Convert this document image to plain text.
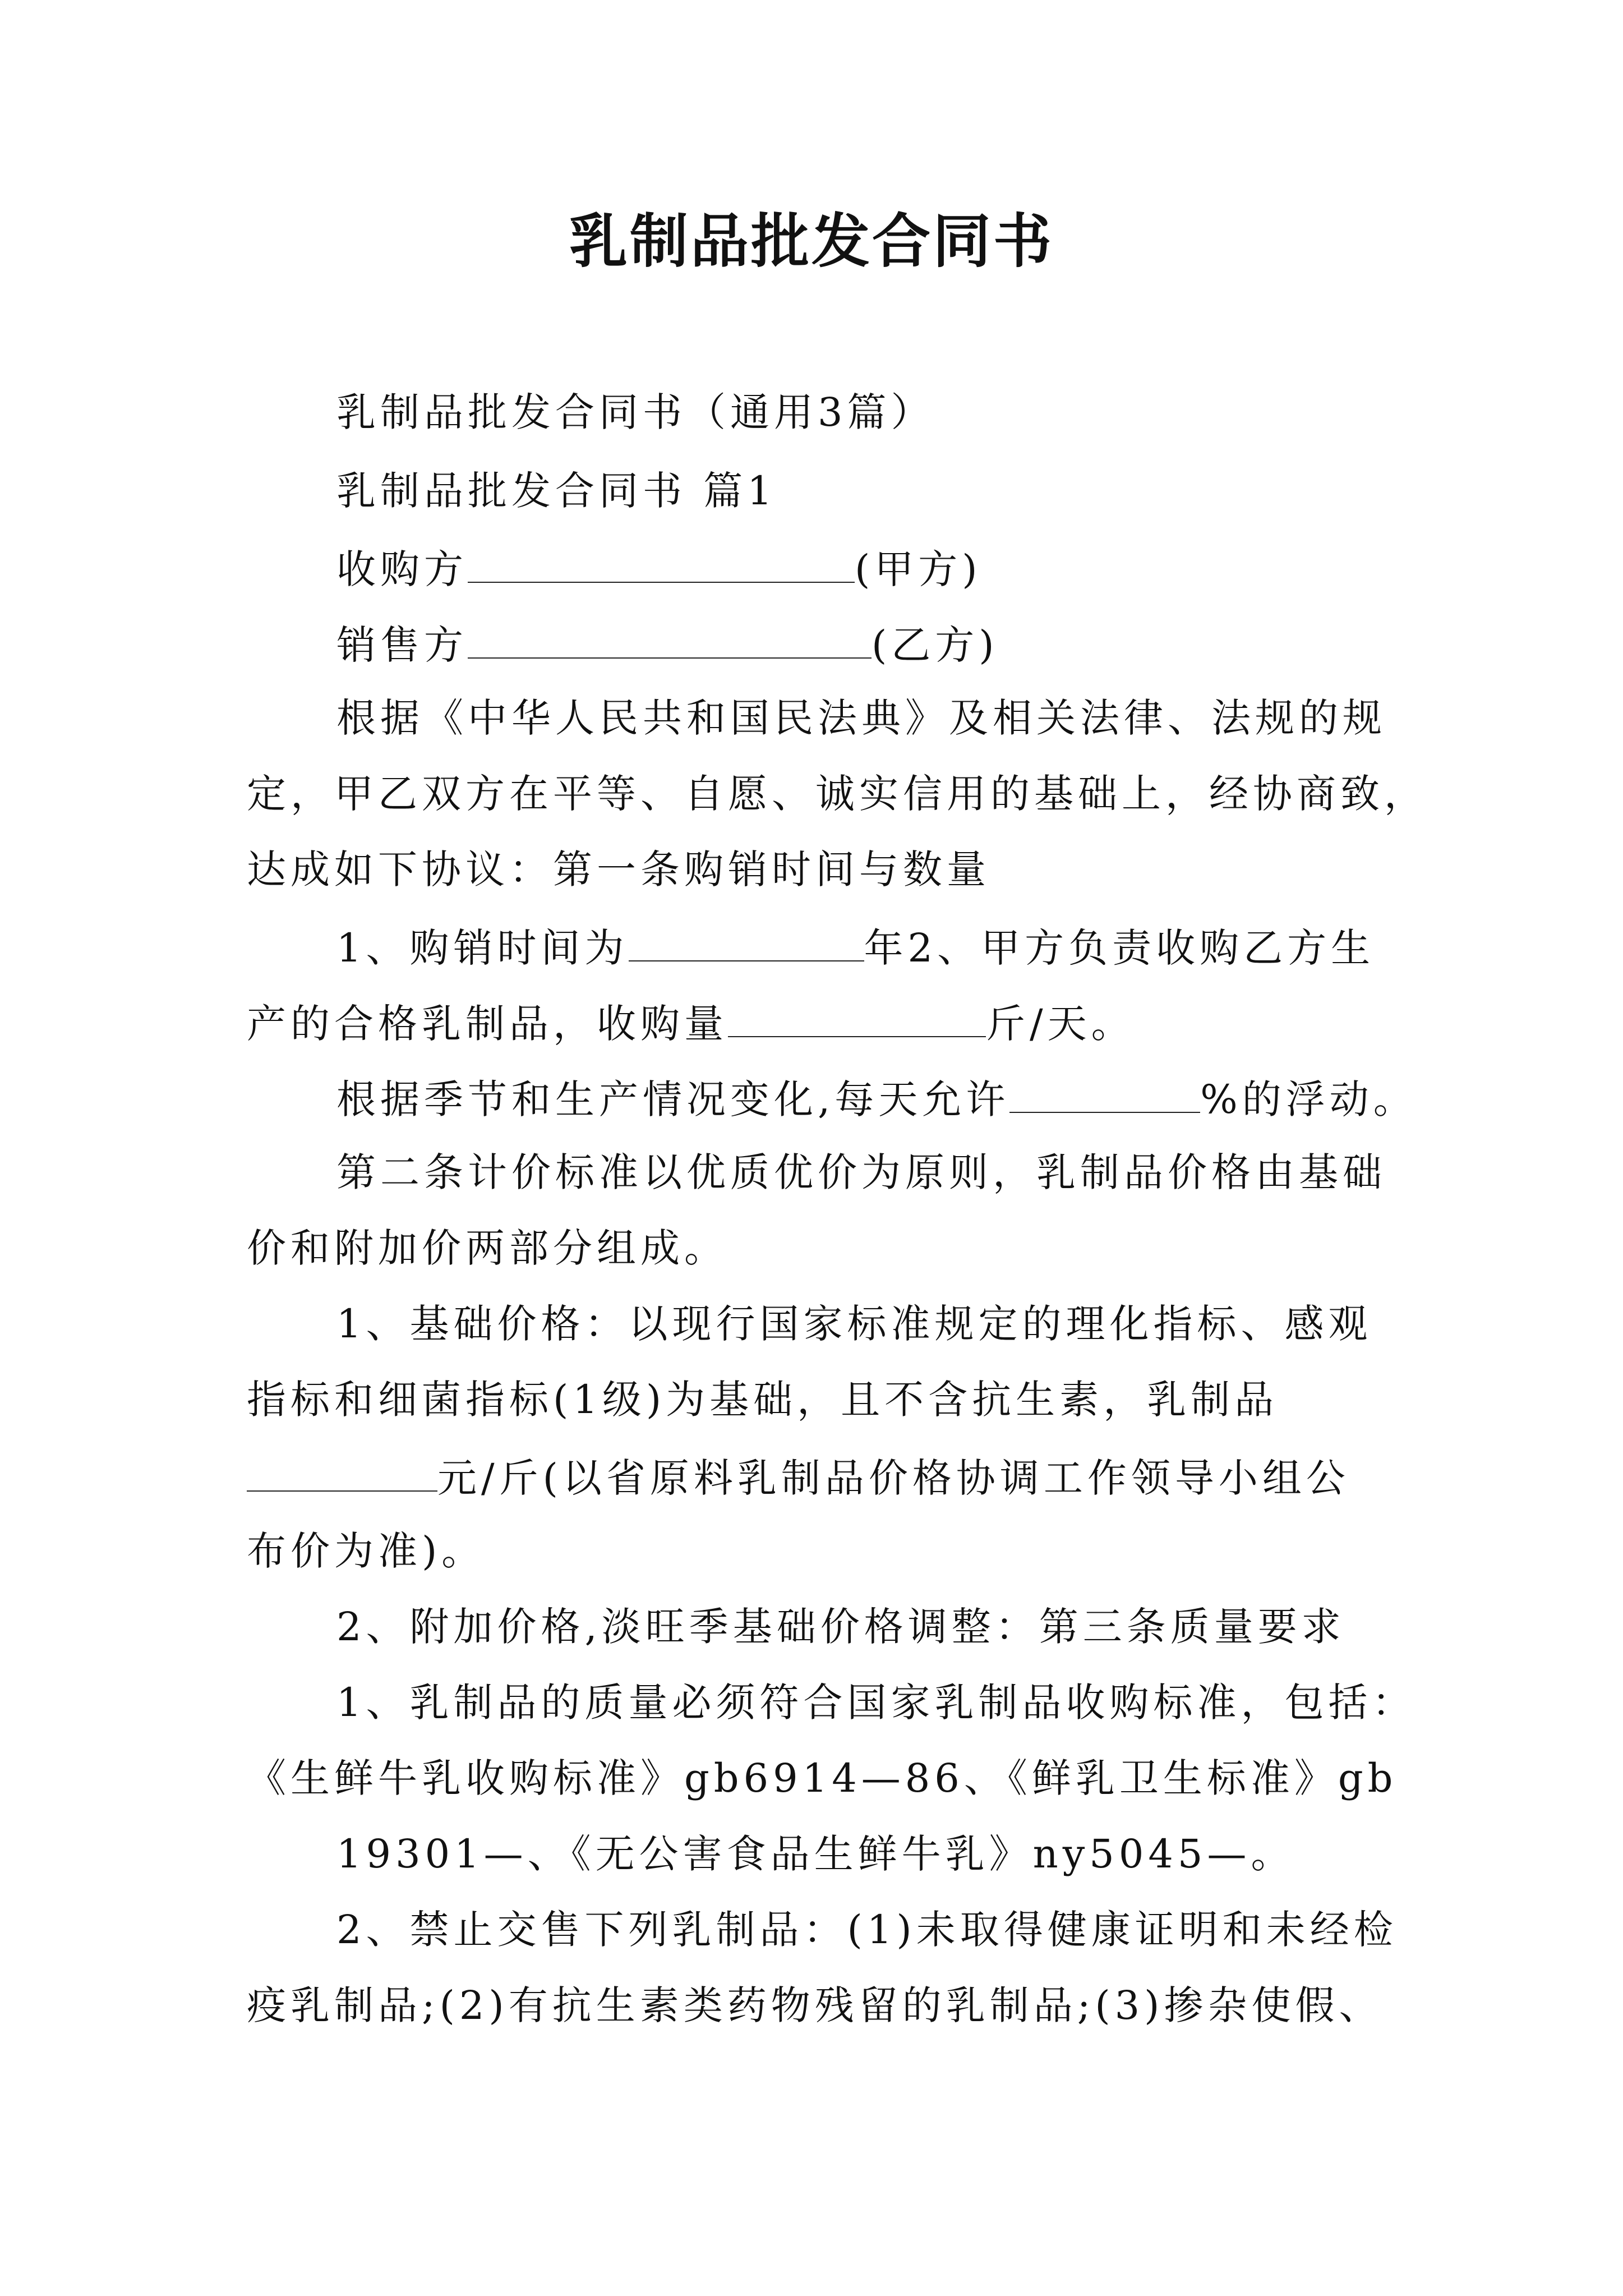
乳制品批发合同书
乳制品批发合同书（通用3篇）
乳制品批发合同书 篇1
收购方	(甲方)
销售方	(乙方)
根据《中华人民共和国民法典》及相关法律、法规的规
定，甲乙双方在平等、自愿、诚实信用的基础上，经协商致，
达成如下协议：第一条购销时间与数量
1、购销时间为	年2、甲方负责收购乙方生
产的合格乳制品，收购量	斤/天。
根据季节和生产情况变化,每天允许	%的浮动。
第二条计价标准以优质优价为原则，乳制品价格由基础
价和附加价两部分组成。
1、基础价格：以现行国家标准规定的理化指标、感观
指标和细菌指标(1级)为基础，且不含抗生素，乳制品
元/斤(以省原料乳制品价格协调工作领导小组公
布价为准)。
2、附加价格,淡旺季基础价格调整：第三条质量要求
1、乳制品的质量必须符合国家乳制品收购标准，包括：
《生鲜牛乳收购标准》gb6914—86、《鲜乳卫生标准》gb
19301—、《无公害食品生鲜牛乳》ny5045—。
2、禁止交售下列乳制品：(1)未取得健康证明和未经检
疫乳制品;(2)有抗生素类药物残留的乳制品;(3)掺杂使假、
